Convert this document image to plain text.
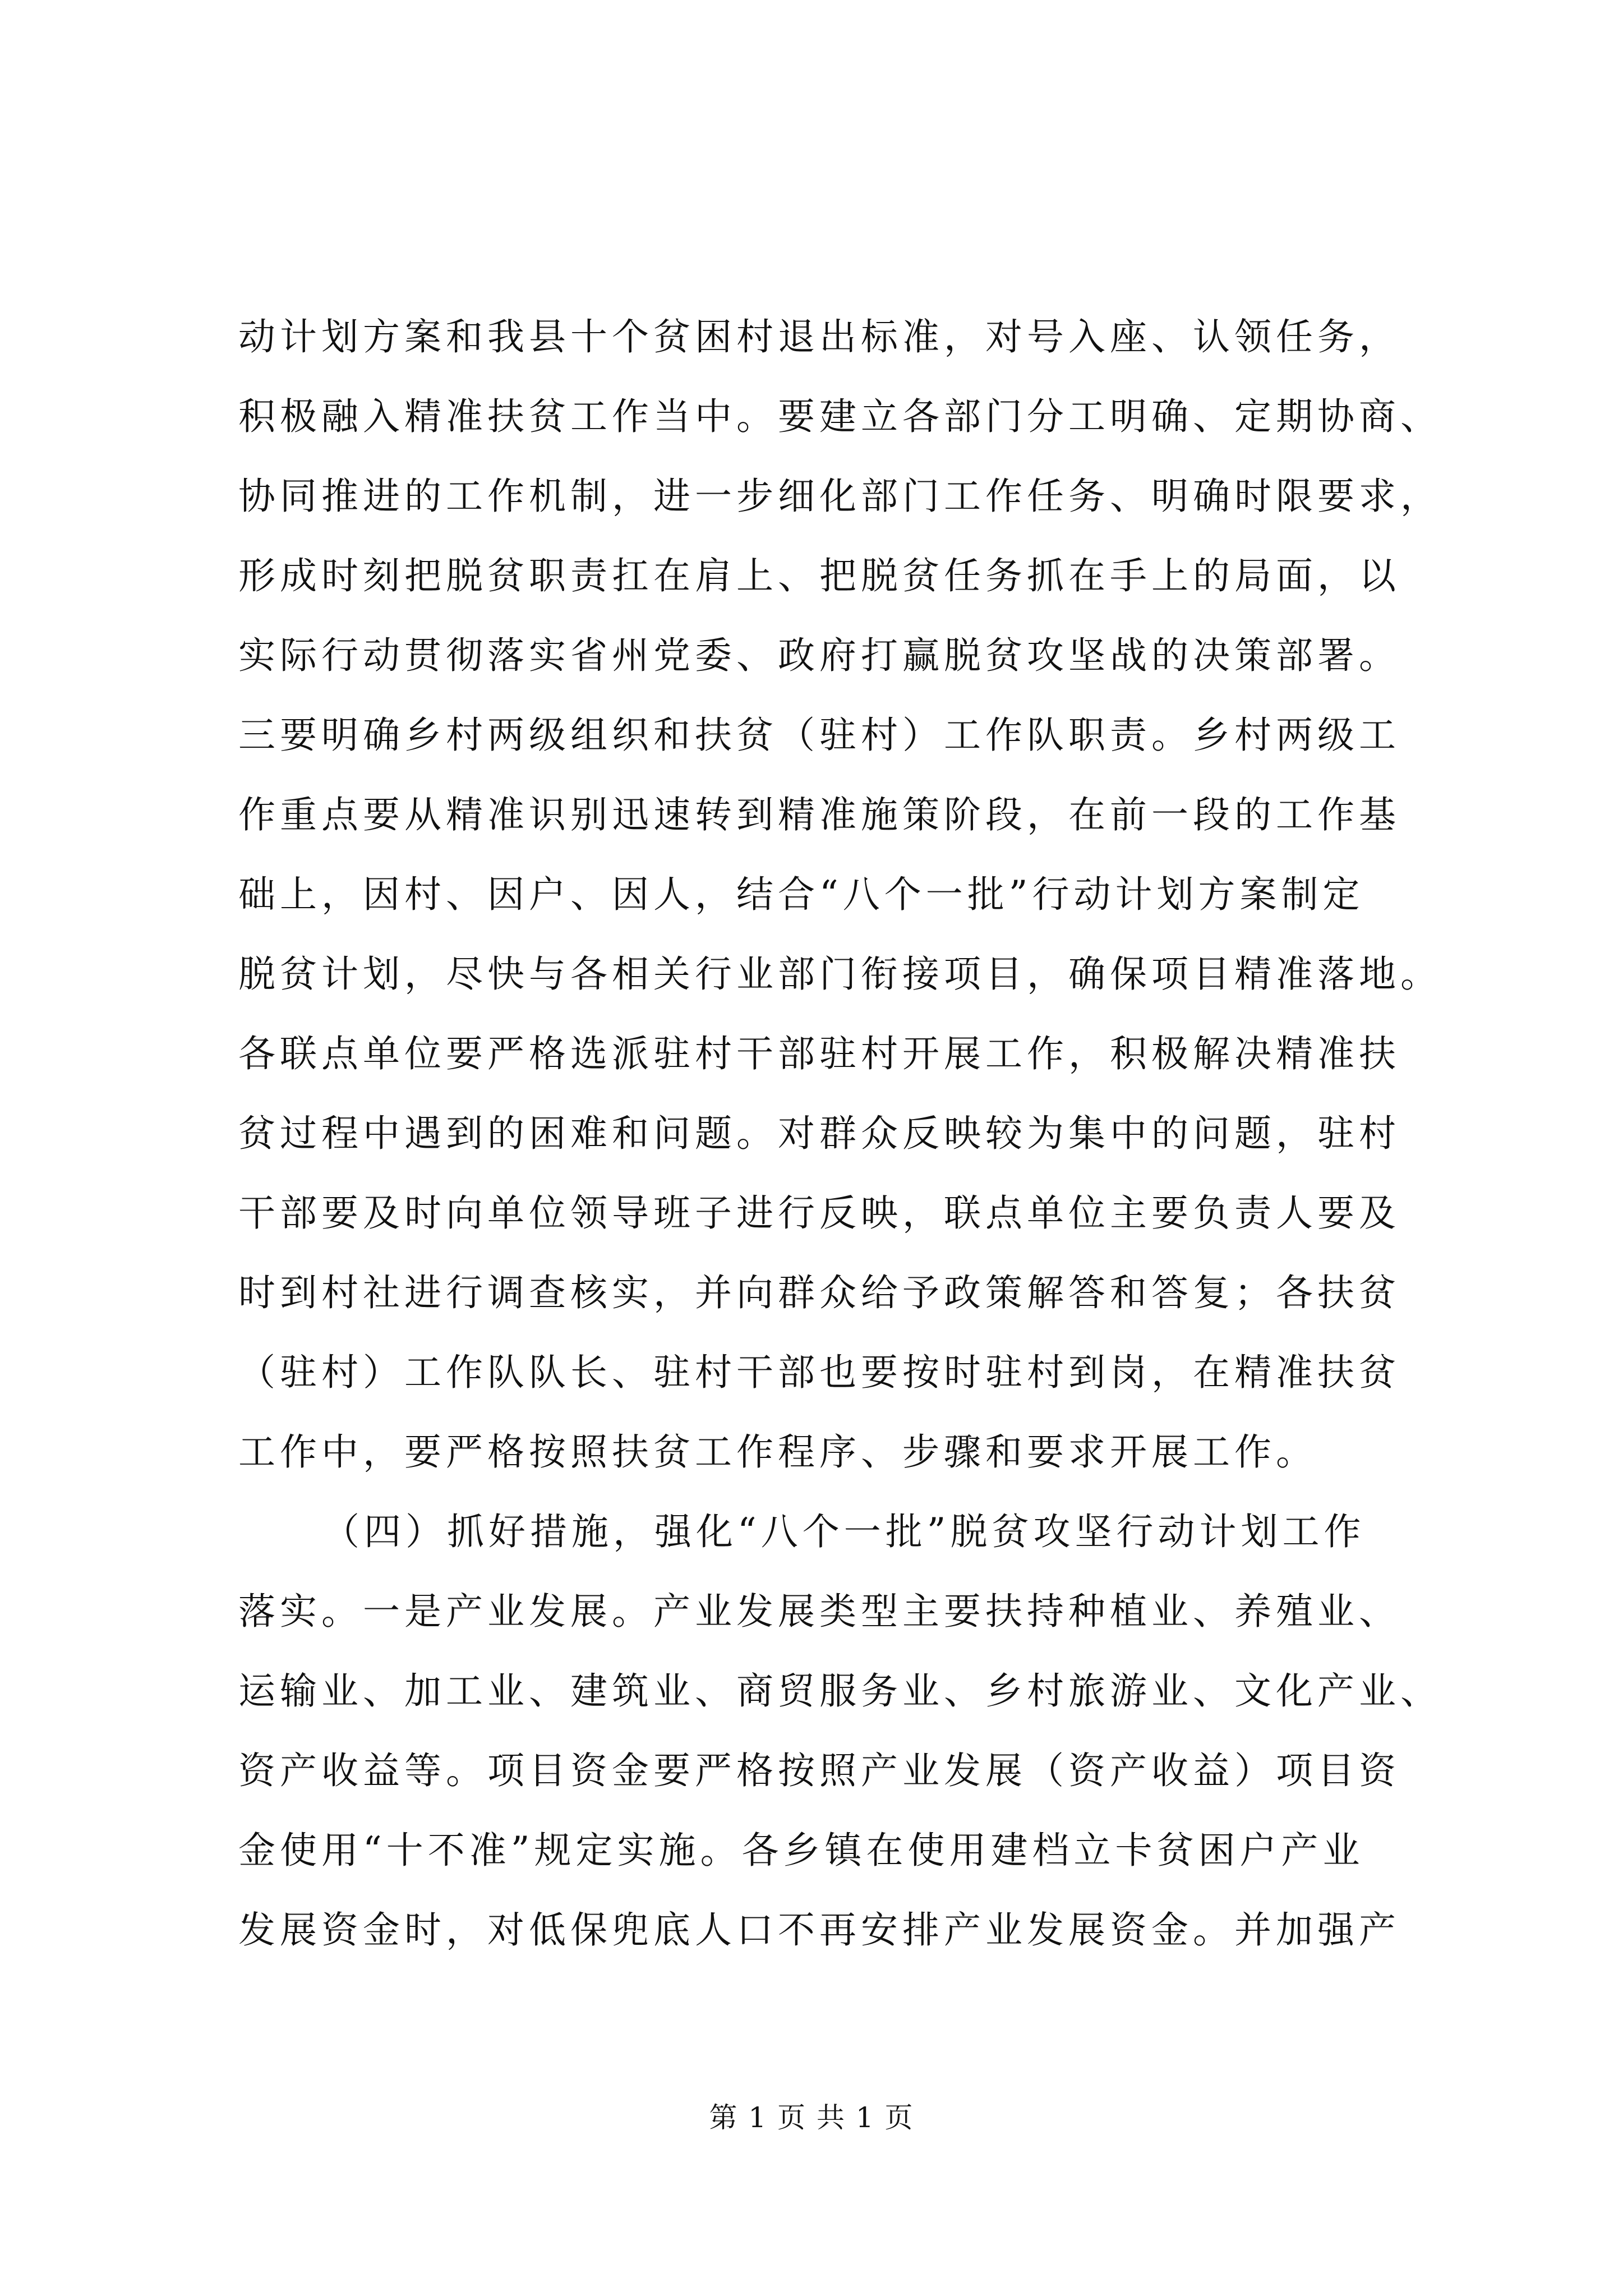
动计划方案和我县十个贫困村退出标准，对号入座、认领任务，
积极融入精准扶贫工作当中。要建立各部门分工明确、定期协商、
协同推进的工作机制，进一步细化部门工作任务、明确时限要求，
形成时刻把脱贫职责扛在肩上、把脱贫任务抓在手上的局面，以
实际行动贯彻落实省州党委、政府打赢脱贫攻坚战的决策部署。
三要明确乡村两级组织和扶贫（驻村）工作队职责。乡村两级工
作重点要从精准识别迅速转到精准施策阶段，在前一段的工作基
础上，因村、因户、因人，结合“八个一批”行动计划方案制定
脱贫计划，尽快与各相关行业部门衔接项目，确保项目精准落地。
各联点单位要严格选派驻村干部驻村开展工作，积极解决精准扶
贫过程中遇到的困难和问题。对群众反映较为集中的问题，驻村
干部要及时向单位领导班子进行反映，联点单位主要负责人要及
时到村社进行调查核实，并向群众给予政策解答和答复；各扶贫
（驻村）工作队队长、驻村干部也要按时驻村到岗，在精准扶贫
工作中，要严格按照扶贫工作程序、步骤和要求开展工作。
（四）抓好措施，强化“八个一批”脱贫攻坚行动计划工作
落实。一是产业发展。产业发展类型主要扶持种植业、养殖业、
运输业、加工业、建筑业、商贸服务业、乡村旅游业、文化产业、
资产收益等。项目资金要严格按照产业发展（资产收益）项目资
金使用“十不准”规定实施。各乡镇在使用建档立卡贫困户产业
发展资金时，对低保兜底人口不再安排产业发展资金。并加强产
第 1 页 共 1 页
